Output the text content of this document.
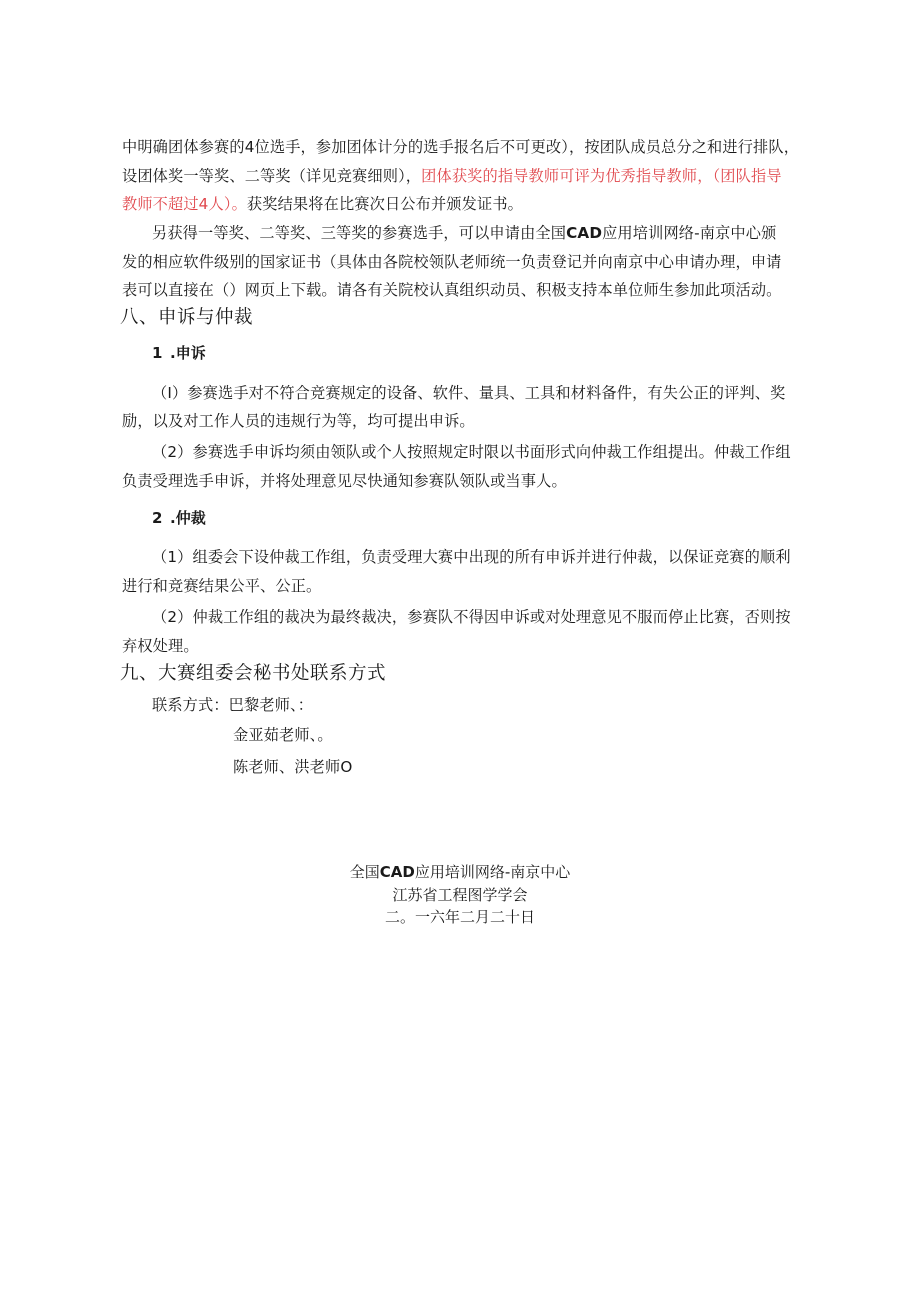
中明确团体参赛的4位选手，参加团体计分的选手报名后不可更改），按团队成员总分之和进行排队，
设团体奖一等奖、二等奖（详见竞赛细则），团体获奖的指导教师可评为优秀指导教师，（团队指导
教师不超过4人）。获奖结果将在比赛次日公布并颁发证书。
另获得一等奖、二等奖、三等奖的参赛选手，可以申请由全国CAD应用培训网络-南京中心颁
发的相应软件级别的国家证书（具体由各院校领队老师统一负责登记并向南京中心申请办理，申请
表可以直接在（）网页上下载。请各有关院校认真组织动员、积极支持本单位师生参加此项活动。
八、申诉与仲裁
1 .申诉
（I）参赛选手对不符合竞赛规定的设备、软件、量具、工具和材料备件，有失公正的评判、奖
励，以及对工作人员的违规行为等，均可提出申诉。
（2）参赛选手申诉均须由领队或个人按照规定时限以书面形式向仲裁工作组提出。仲裁工作组
负责受理选手申诉，并将处理意见尽快通知参赛队领队或当事人。
2 .仲裁
（1）组委会下设仲裁工作组，负责受理大赛中出现的所有申诉并进行仲裁，以保证竞赛的顺利
进行和竞赛结果公平、公正。
（2）仲裁工作组的裁决为最终裁决，参赛队不得因申诉或对处理意见不服而停止比赛，否则按
弃权处理。
九、大赛组委会秘书处联系方式
联系方式：巴黎老师、：
金亚茹老师、。
陈老师、洪老师O
全国CAD应用培训网络-南京中心
江苏省工程图学学会
二。一六年二月二十日
